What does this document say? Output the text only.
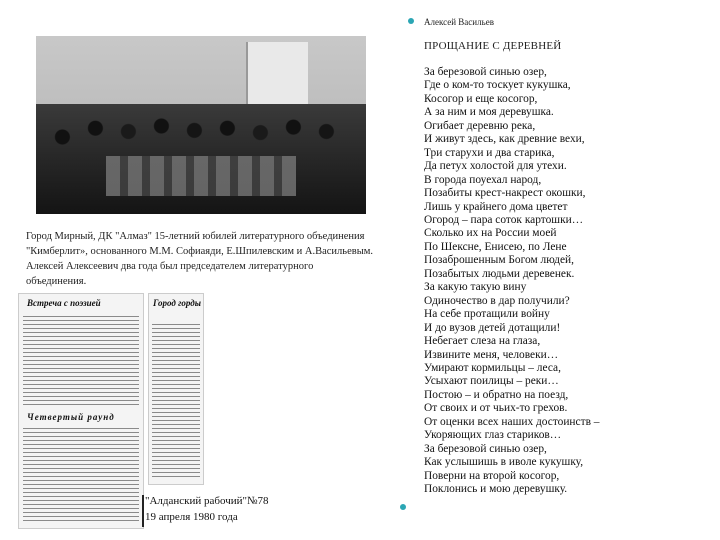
Город Мирный, ДК "Алмаз" 15-летний юбилей литературного объединения "Кимберлит», основанного М.М. Софиаяди, Е.Шпилевским и А.Васильевым. Алексей Алексеевич два года был председателем литературного объединения.
Встреча с поэзией
Четвертый раунд
Город горды
"Алданский рабочий"№78
19 апреля 1980 года
Алексей Васильев
ПРОЩАНИЕ С ДЕРЕВНЕЙ
За березовой синью озер,
Где о ком-то тоскует кукушка,
Косогор и еще косогор,
А за ним и моя деревушка.
Огибает деревню река,
И живут здесь, как древние вехи,
Три старухи и два старика,
Да петух холостой для утехи.
В города поуехал народ,
Позабиты крест-накрест окошки,
Лишь у крайнего дома цветет
Огород – пара соток картошки…
Сколько их на России моей
По Шексне, Енисею, по Лене
Позаброшенным Богом людей,
Позабытых людьми деревенек.
За какую такую вину
Одиночество в дар получили?
На себе протащили войну
И до вузов детей дотащили!
Небегает слеза на глаза,
Извините меня, человеки…
Умирают кормильцы – леса,
Усыхают поилицы – реки…
Постою – и обратно на поезд,
От своих и от чьих-то грехов.
От оценки всех наших достоинств –
Укоряющих глаз стариков…
За березовой синью озер,
Как услышишь в иволе кукушку,
Поверни на второй косогор,
Поклонись и мою деревушку.
